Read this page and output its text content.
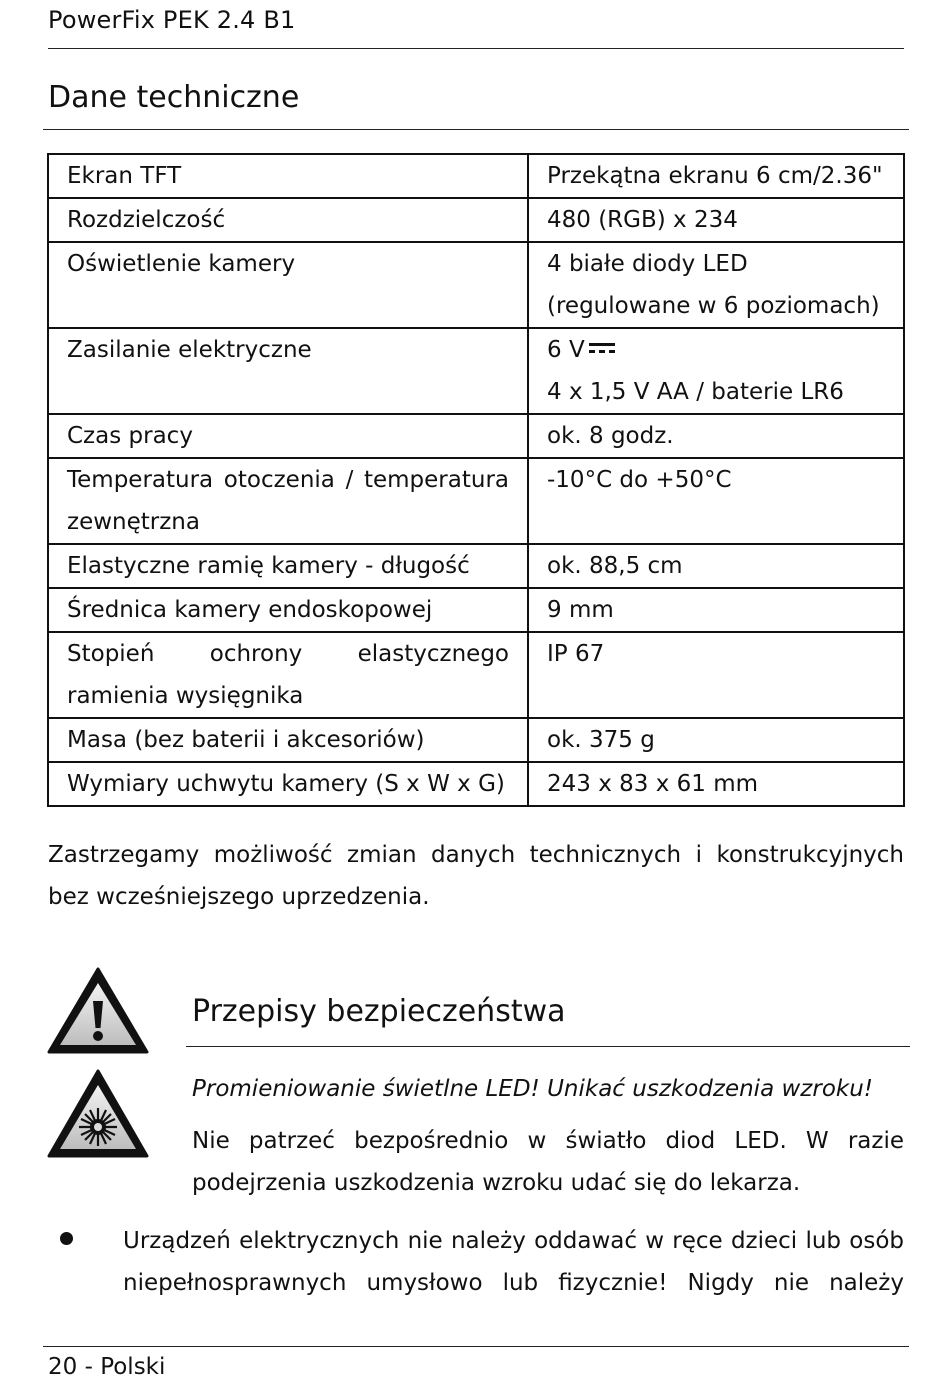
PowerFix PEK 2.4 B1
Dane techniczne
Ekran TFT	Przekątna ekranu 6 cm/2.36"
Rozdzielczość	480 (RGB) x 234
Oświetlenie kamery	4 białe diody LED
(regulowane w 6 poziomach)

Zasilanie elektryczne	6 V
4 x 1,5 V AA / baterie LR6

Czas pracy	ok. 8 godz.
Temperatura otoczenia / temperatura zewnętrzna	-10°C do +50°C
Elastyczne ramię kamery - długość	ok. 88,5 cm
Średnica kamery endoskopowej	9 mm
Stopień ochrony elastycznego ramienia wysięgnika	IP 67
Masa (bez baterii i akcesoriów)	ok. 375 g
Wymiary uchwytu kamery (S x W x G)	243 x 83 x 61 mm
Zastrzegamy możliwość zmian danych technicznych i konstrukcyjnych bez wcześniejszego uprzedzenia.
Przepisy bezpieczeństwa
Promieniowanie świetlne LED! Unikać uszkodzenia wzroku!
Nie patrzeć bezpośrednio w światło diod LED. W razie podejrzenia uszkodzenia wzroku udać się do lekarza.
Urządzeń elektrycznych nie należy oddawać w ręce dzieci lub osób niepełnosprawnych umysłowo lub fizycznie! Nigdy nie należy
20 - Polski
